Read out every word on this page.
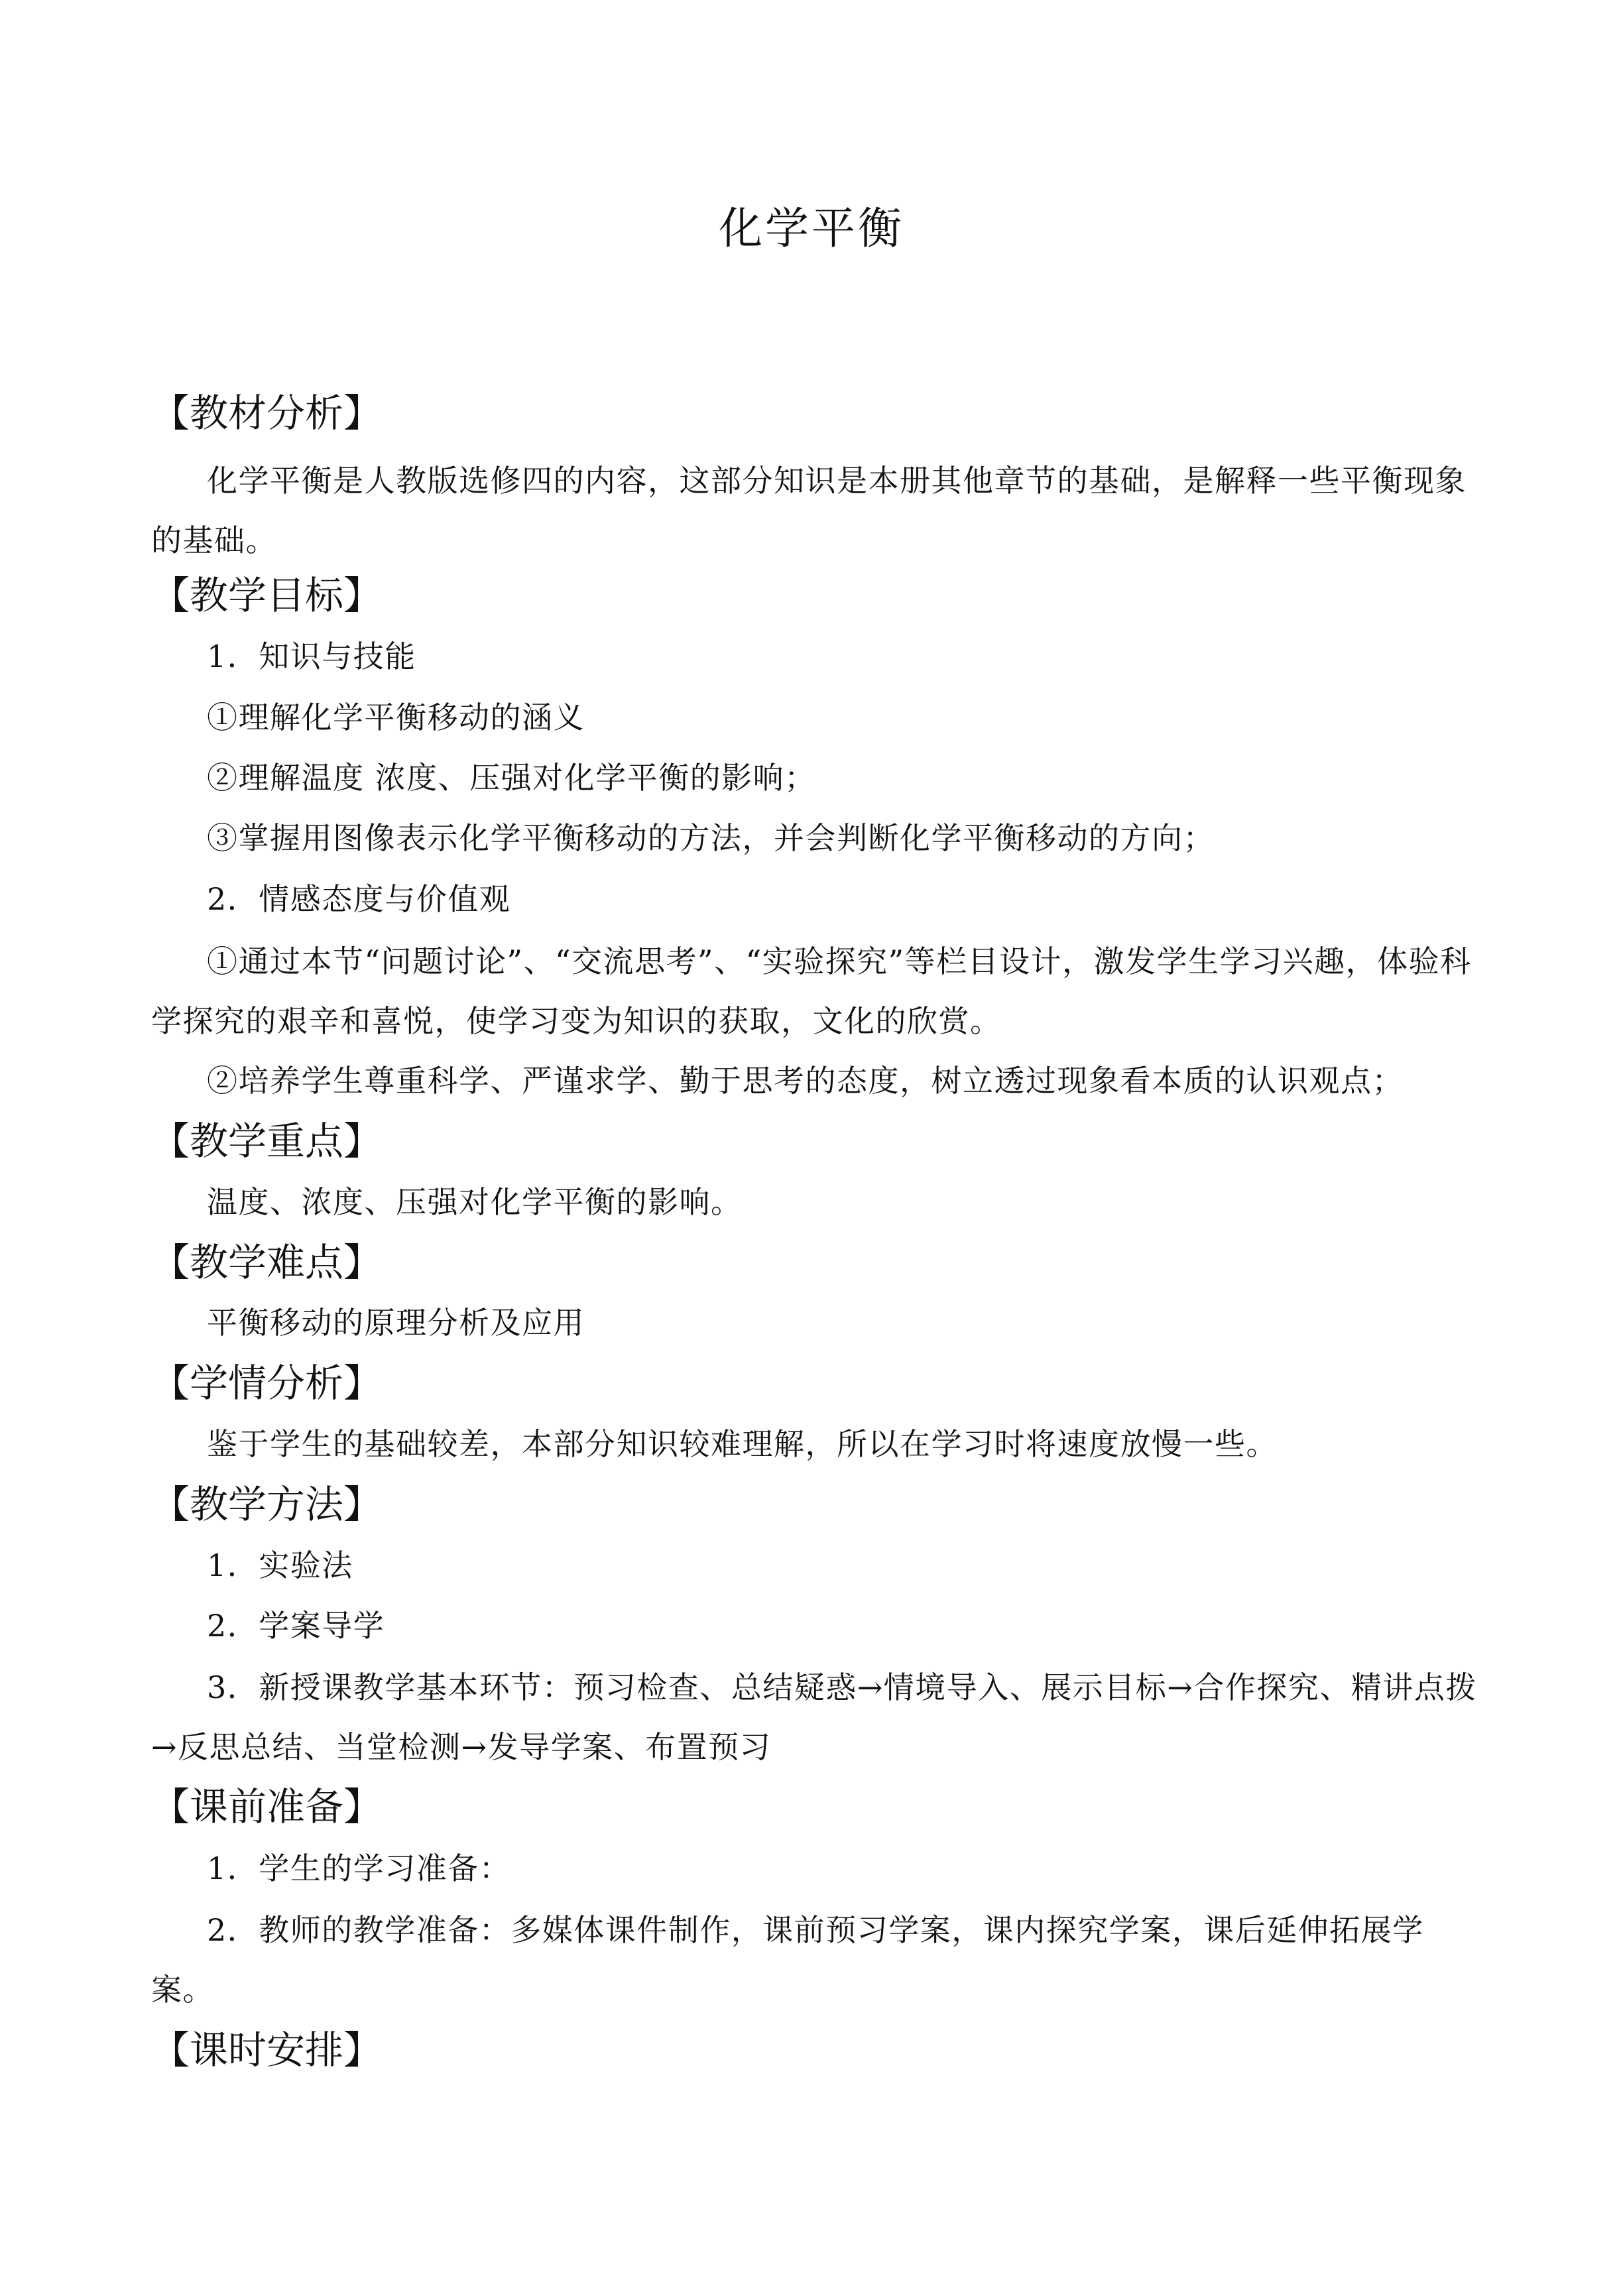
化学平衡
【教材分析】
化学平衡是人教版选修四的内容，这部分知识是本册其他章节的基础，是解释一些平衡现象的基础。
【教学目标】
1．知识与技能
①理解化学平衡移动的涵义
②理解温度 浓度、压强对化学平衡的影响；
③掌握用图像表示化学平衡移动的方法，并会判断化学平衡移动的方向；
2．情感态度与价值观
①通过本节“问题讨论”、“交流思考”、“实验探究”等栏目设计，激发学生学习兴趣，体验科学探究的艰辛和喜悦，使学习变为知识的获取，文化的欣赏。
②培养学生尊重科学、严谨求学、勤于思考的态度，树立透过现象看本质的认识观点；
【教学重点】
温度、浓度、压强对化学平衡的影响。
【教学难点】
平衡移动的原理分析及应用
【学情分析】
鉴于学生的基础较差，本部分知识较难理解，所以在学习时将速度放慢一些。
【教学方法】
1．实验法
2．学案导学
3．新授课教学基本环节：预习检查、总结疑惑→情境导入、展示目标→合作探究、精讲点拨→反思总结、当堂检测→发导学案、布置预习
【课前准备】
1．学生的学习准备：
2．教师的教学准备：多媒体课件制作，课前预习学案，课内探究学案，课后延伸拓展学案。
【课时安排】
